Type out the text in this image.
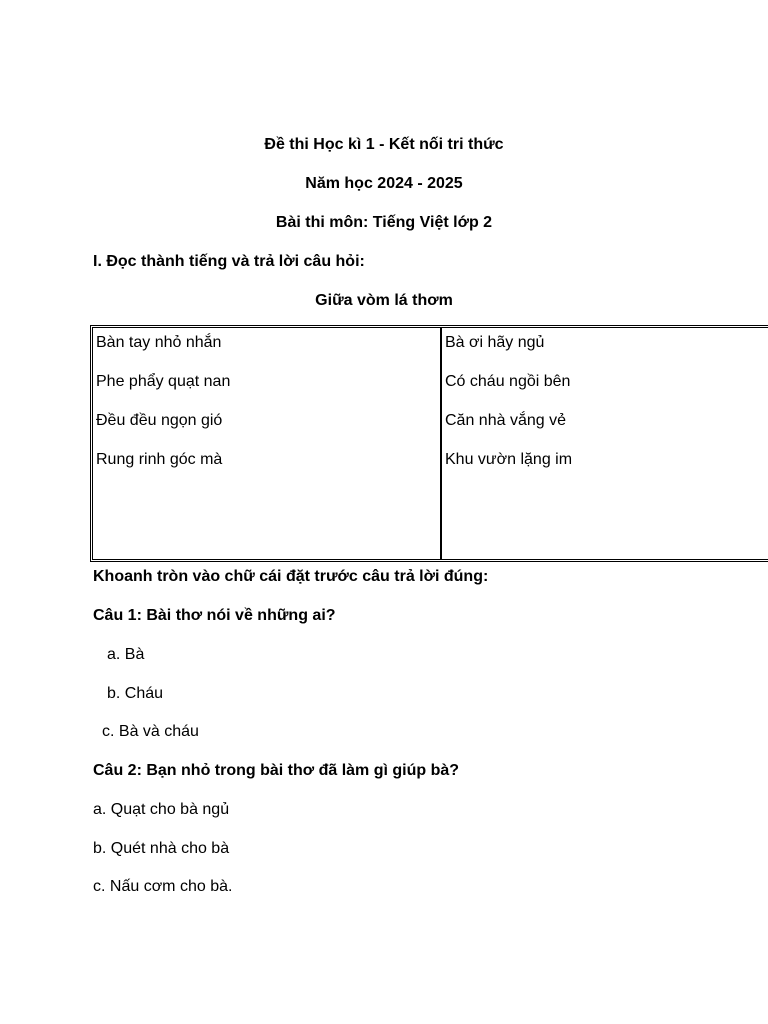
Đề thi Học kì 1 - Kết nối tri thức
Năm học 2024 - 2025
Bài thi môn: Tiếng Việt lớp 2
I. Đọc thành tiếng và trả lời câu hỏi:
Giữa vòm lá thơm
Bàn tay nhỏ nhắn
Phe phẩy quạt nan
Đều đều ngọn gió
Rung rinh góc mà
Bà ơi hãy ngủ
Có cháu ngồi bên
Căn nhà vắng vẻ
Khu vườn lặng im
Khoanh tròn vào chữ cái đặt trước câu trả lời đúng:
Câu 1: Bài thơ nói về những ai?
a. Bà
b. Cháu
c. Bà và cháu
Câu 2: Bạn nhỏ trong bài thơ đã làm gì giúp bà?
a. Quạt cho bà ngủ
b. Quét nhà cho bà
c. Nấu cơm cho bà.
